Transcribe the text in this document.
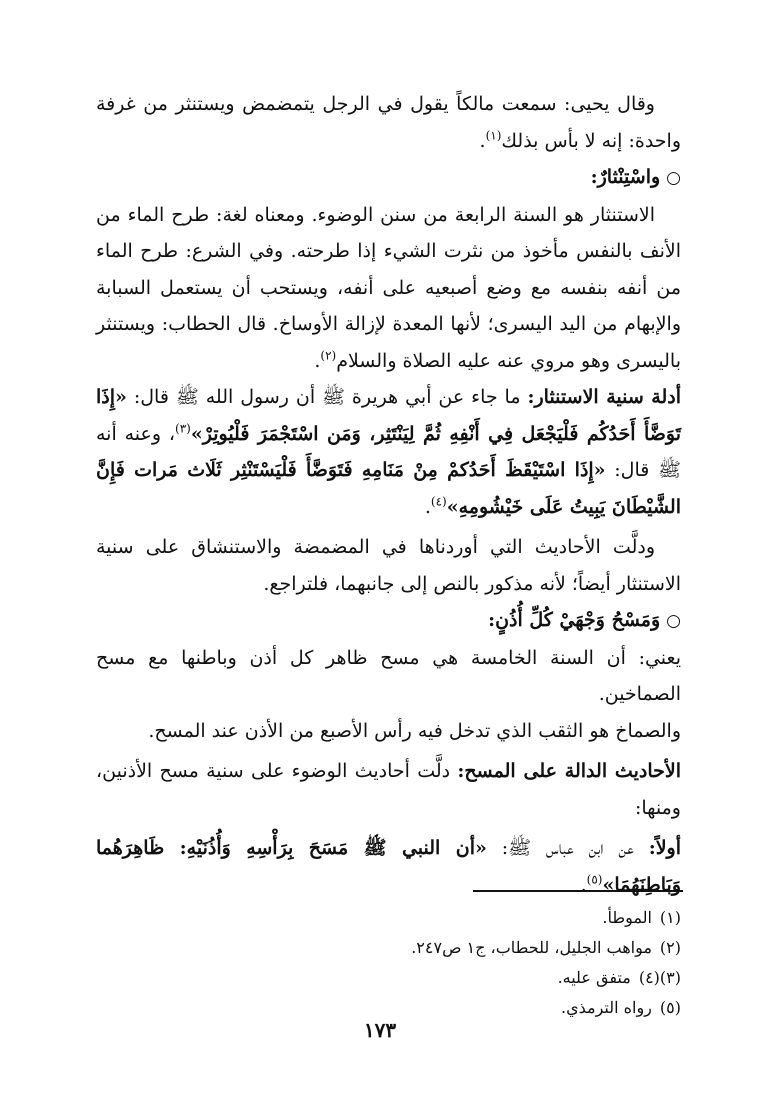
وقال يحيى: سمعت مالكاً يقول في الرجل يتمضمض ويستنثر من غرفة واحدة: إنه لا بأس بذلك$^{(١)}$.

○واسْتِنْثارٌ:

الاستنثار هو السنة الرابعة من سنن الوضوء. ومعناه لغة: طرح الماء من الأنف بالنفس مأخوذ من نثرت الشيء إذا طرحته. وفي الشرع: طرح الماء من أنفه بنفسه مع وضع أصبعيه على أنفه، ويستحب أن يستعمل السبابة والإبهام من اليد اليسرى؛ لأنها المعدة لإزالة الأوساخ. قال الحطاب: ويستنثر باليسرى وهو مروي عنه عليه الصلاة والسلام$^{(٢)}$.

أدلة سنية الاستنثار: ما جاء عن أبي هريرة ﷺ أن رسول الله ﷺ قال: «إِذَا تَوَضَّأَ أَحَدُكُم فَلْيَجْعَل فِي أَنْفِهِ ثُمَّ لِيَنْتَثِر، وَمَن اسْتَجْمَرَ فَلْيُوتِرْ»$^{(٣)}$، وعنه أنه ﷺ قال: «إِذَا اسْتَيْقَظَ أَحَدُكمْ مِنْ مَنَامِهِ فَتَوَضَّأَ فَلْيَسْتَنْثِر ثَلَاث مَرات فَإِنَّ الشَّيْطَانَ يَبِيتُ عَلَى خَيْشُومِهِ»$^{(٤)}$.

ودلَّت الأحاديث التي أوردناها في المضمضة والاستنشاق على سنية الاستنثار أيضاً؛ لأنه مذكور بالنص إلى جانبهما، فلتراجع.

○وَمَسْحُ وَجْهَيْ كُلِّ أُذُنٍ:

يعني: أن السنة الخامسة هي مسح ظاهر كل أذن وباطنها مع مسح الصماخين.

والصماخ هو الثقب الذي تدخل فيه رأس الأصبع من الأذن عند المسح.

الأحاديث الدالة على المسح: دلَّت أحاديث الوضوء على سنية مسح الأذنين، ومنها:

أولاً: عن ابن عباس ﷺ: «أن النبي ﷺ مَسَحَ بِرَأْسِهِ وَأُذُنَيْهِ: ظَاهِرَهُما وَبَاطِنَهُمَا»$^{(٥)}$.

(١)الموطأ.
(٢)مواهب الجليل، للحطاب، ج١ ص٢٤٧.
(٣)(٤)متفق عليه.
(٥)رواه الترمذي.
١٧٣
